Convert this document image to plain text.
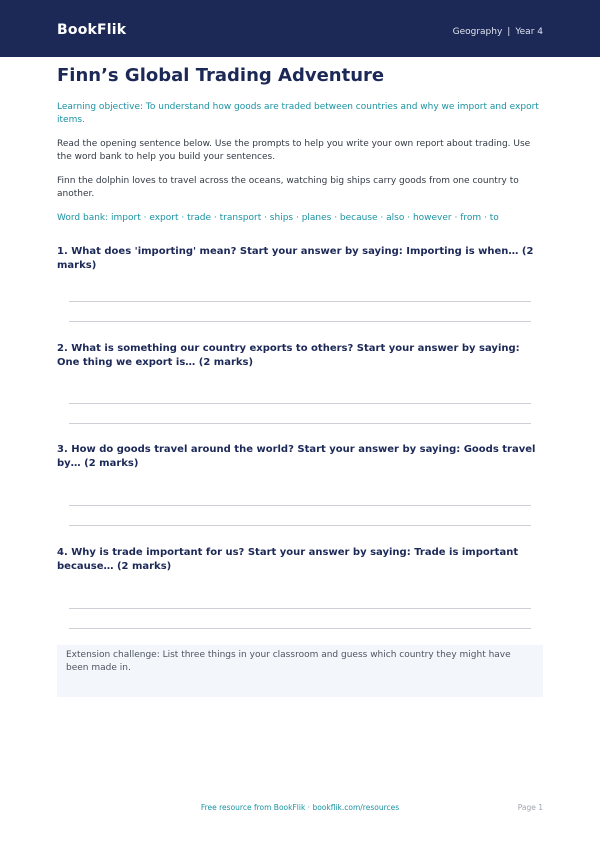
BookFlik	Geography | Year 4
Finn’s Global Trading Adventure
Learning objective: To understand how goods are traded between countries and why we import and export items.
Read the opening sentence below. Use the prompts to help you write your own report about trading. Use the word bank to help you build your sentences.
Finn the dolphin loves to travel across the oceans, watching big ships carry goods from one country to another.
Word bank: import · export · trade · transport · ships · planes · because · also · however · from · to
1. What does 'importing' mean? Start your answer by saying: Importing is when… (2 marks)
2. What is something our country exports to others? Start your answer by saying: One thing we export is… (2 marks)
3. How do goods travel around the world? Start your answer by saying: Goods travel by… (2 marks)
4. Why is trade important for us? Start your answer by saying: Trade is important because… (2 marks)
Extension challenge: List three things in your classroom and guess which country they might have been made in.
Free resource from BookFlik · bookflik.com/resources	Page 1
